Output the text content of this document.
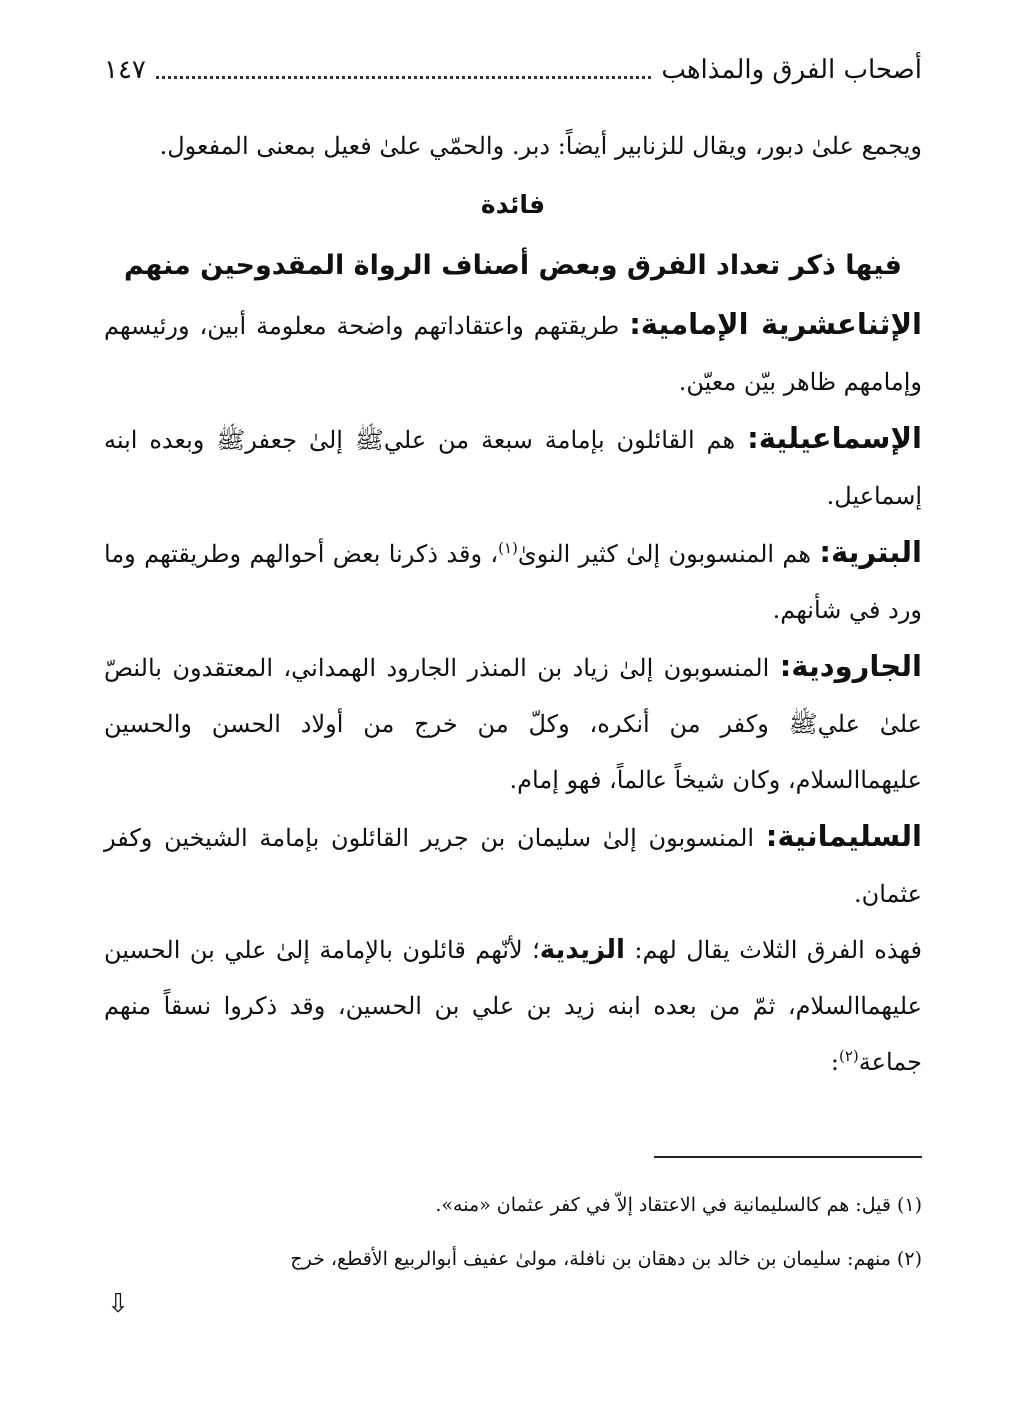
أصحاب الفرق والمذاهب
١٤٧

ويجمع علىٰ دبور، ويقال للزنابير أيضاً: دبر. والحمّي علىٰ فعيل بمعنى المفعول.

فائدة

فيها ذكر تعداد الفرق وبعض أصناف الرواة المقدوحين منهم

الإثناعشرية الإمامية: طريقتهم واعتقاداتهم واضحة معلومة أبين، ورئيسهم وإمامهم ظاهر بيّن معيّن.

الإسماعيلية: هم القائلون بإمامة سبعة من عليﷺ إلىٰ جعفرﷺ وبعده ابنه إسماعيل.

البترية: هم المنسوبون إلىٰ كثير النوىٰ$^{(١)}$، وقد ذكرنا بعض أحوالهم وطريقتهم وما ورد في شأنهم.

الجارودية: المنسوبون إلىٰ زياد بن المنذر الجارود الهمداني، المعتقدون بالنصّ علىٰ عليﷺ وكفر من أنكره، وكلّ من خرج من أولاد الحسن والحسين عليهماالسلام، وكان شيخاً عالماً، فهو إمام.

السليمانية: المنسوبون إلىٰ سليمان بن جرير القائلون بإمامة الشيخين وكفر عثمان.

فهذه الفرق الثلاث يقال لهم: الزيدية؛ لأنّهم قائلون بالإمامة إلىٰ علي بن الحسين عليهماالسلام، ثمّ من بعده ابنه زيد بن علي بن الحسين، وقد ذكروا نسقاً منهم جماعة$^{(٢)}$:

(١) قيل: هم كالسليمانية في الاعتقاد إلاّ في كفر عثمان «منه».

(٢) منهم: سليمان بن خالد بن دهقان بن نافلة، مولىٰ عفيف أبوالربيع الأقطع، خرج

⇩
